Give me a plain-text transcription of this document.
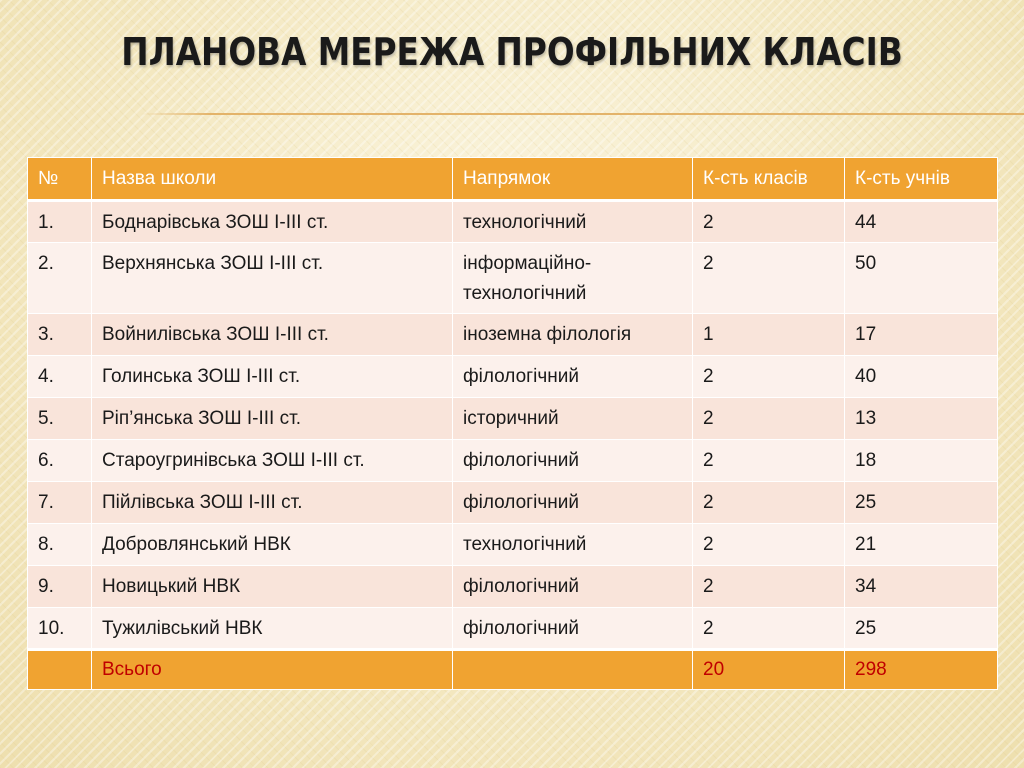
ПЛАНОВА МЕРЕЖА ПРОФІЛЬНИХ КЛАСІВ
№	Назва школи	Напрямок	К-сть класів	К-сть учнів
1.	Боднарівська ЗОШ І-ІІІ ст.	технологічний	2	44
2.	Верхнянська ЗОШ І-ІІІ ст.	інформаційно-технологічний	2	50
3.	Войнилівська ЗОШ І-ІІІ ст.	іноземна філологія	1	17
4.	Голинська ЗОШ І-ІІІ ст.	філологічний	2	40
5.	Ріп’янська ЗОШ І-ІІІ ст.	історичний	2	13
6.	Староугринівська ЗОШ І-ІІІ ст.	філологічний	2	18
7.	Пійлівська ЗОШ І-ІІІ ст.	філологічний	2	25
8.	Добровлянський НВК	технологічний	2	21
9.	Новицький НВК	філологічний	2	34
10.	Тужилівський НВК	філологічний	2	25
	Всього		20	298
